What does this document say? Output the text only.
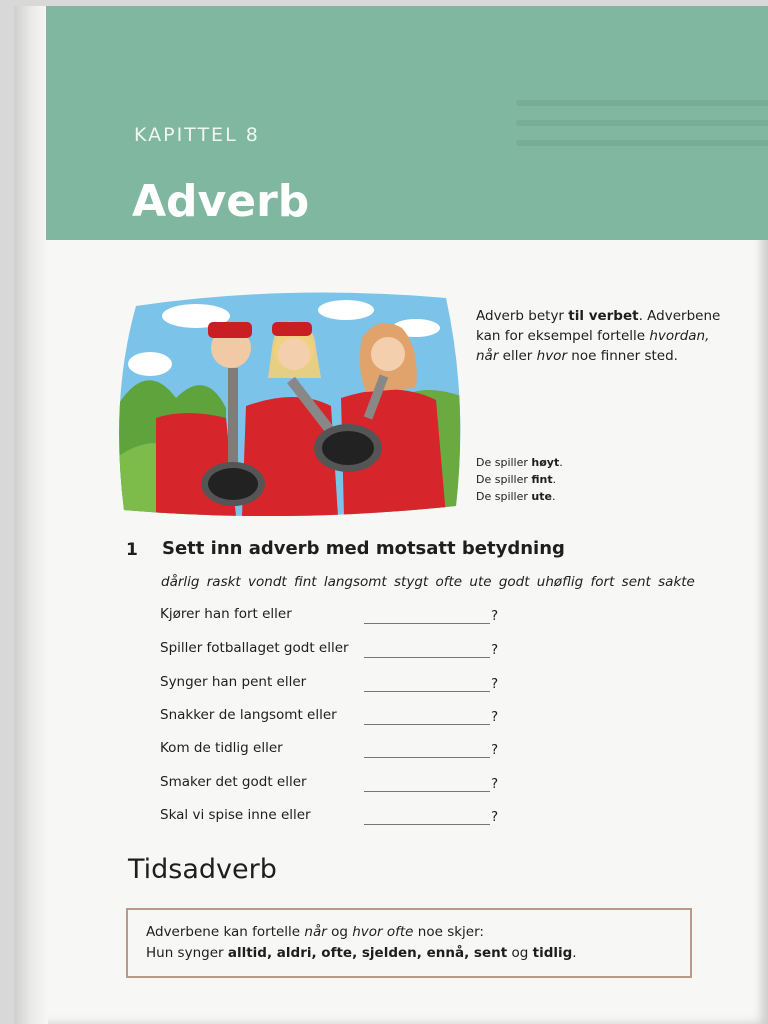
KAPITTEL 8
Adverb
Adverb betyr til verbet. Adverbene kan for eksempel fortelle hvordan, når eller hvor noe finner sted.
De spiller høyt.
De spiller fint.
De spiller ute.
1 Sett inn adverb med motsatt betydning
dårlig raskt vondt fint langsomt stygt ofte ute godt uhøflig fort sent sakte
Kjører han fort eller	?
Spiller fotballaget godt eller	?
Synger han pent eller	?
Snakker de langsomt eller	?
Kom de tidlig eller	?
Smaker det godt eller	?
Skal vi spise inne eller	?
Tidsadverb
Adverbene kan fortelle når og hvor ofte noe skjer:
Hun synger alltid, aldri, ofte, sjelden, ennå, sent og tidlig.
